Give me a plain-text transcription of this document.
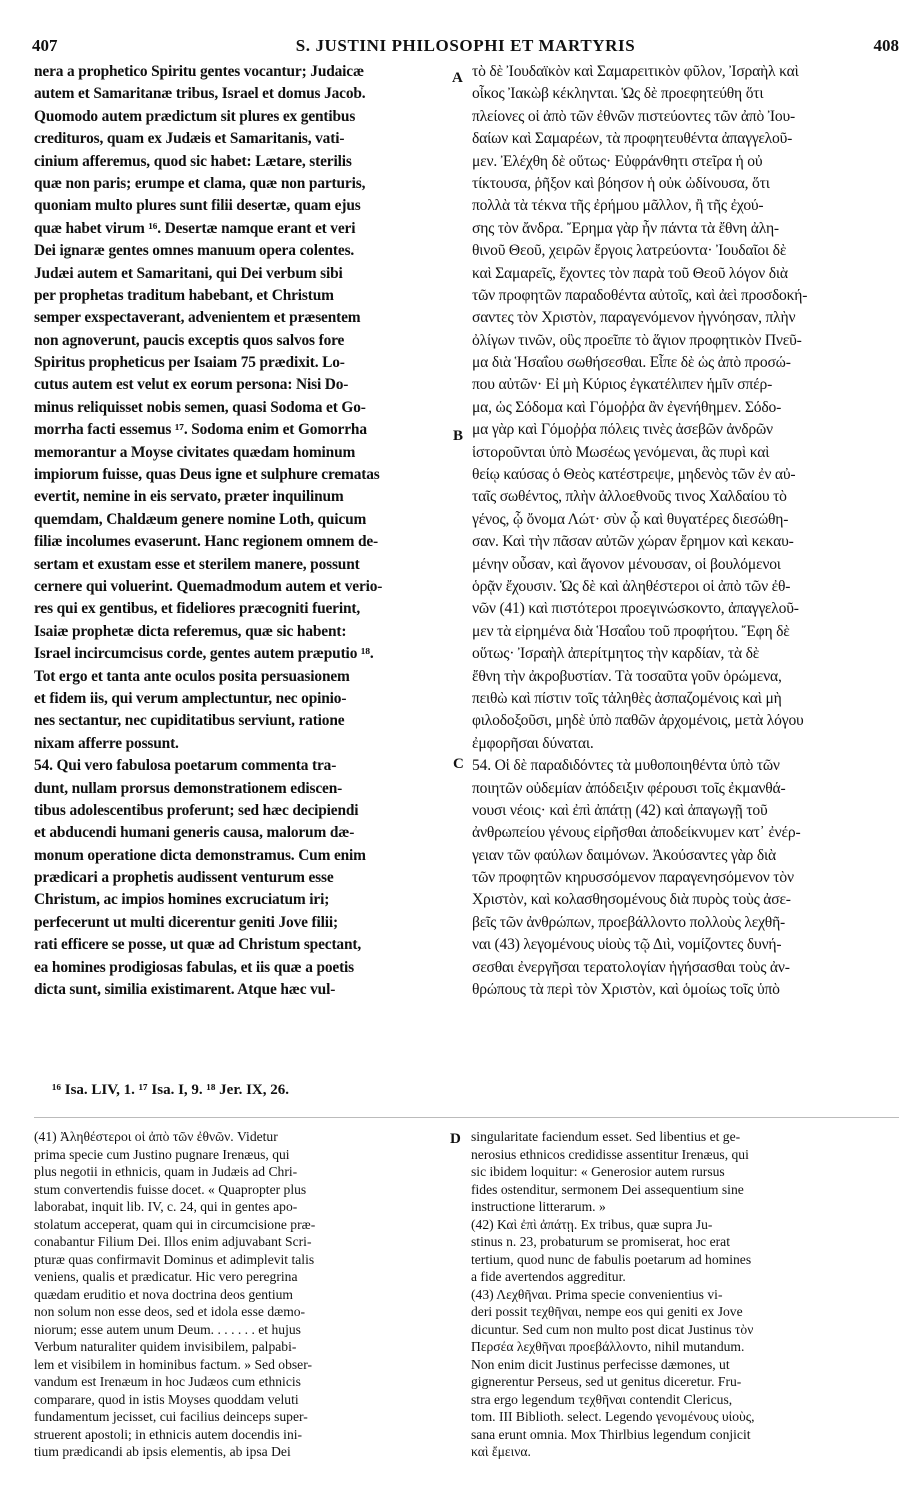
407	S. JUSTINI PHILOSOPHI ET MARTYRIS	408
A
B
C
D
nera a prophetico Spiritu gentes vocantur; Judaicæ
autem et Samaritanæ tribus, Israel et domus Jacob.
Quomodo autem prædictum sit plures ex gentibus
credituros, quam ex Judæis et Samaritanis, vati-
cinium afferemus, quod sic habet: Lætare, sterilis
quæ non paris; erumpe et clama, quæ non parturis,
quoniam multo plures sunt filii desertæ, quam ejus
quæ habet virum ¹⁶. Desertæ namque erant et veri
Dei ignaræ gentes omnes manuum opera colentes.
Judæi autem et Samaritani, qui Dei verbum sibi
per prophetas traditum habebant, et Christum
semper exspectaverant, advenientem et præsentem
non agnoverunt, paucis exceptis quos salvos fore
Spiritus propheticus per Isaiam 75 prædixit. Lo-
cutus autem est velut ex eorum persona: Nisi Do-
minus reliquisset nobis semen, quasi Sodoma et Go-
morrha facti essemus ¹⁷. Sodoma enim et Gomorrha
memorantur a Moyse civitates quædam hominum
impiorum fuisse, quas Deus igne et sulphure crematas
evertit, nemine in eis servato, præter inquilinum
quemdam, Chaldæum genere nomine Loth, quicum
filiæ incolumes evaserunt. Hanc regionem omnem de-
sertam et exustam esse et sterilem manere, possunt
cernere qui voluerint. Quemadmodum autem et verio-
res qui ex gentibus, et fideliores præcogniti fuerint,
Isaiæ prophetæ dicta referemus, quæ sic habent:
Israel incircumcisus corde, gentes autem præputio ¹⁸.
Tot ergo et tanta ante oculos posita persuasionem
et fidem iis, qui verum amplectuntur, nec opinio-
nes sectantur, nec cupiditatibus serviunt, ratione
nixam afferre possunt.
54. Qui vero fabulosa poetarum commenta tra-
dunt, nullam prorsus demonstrationem ediscen-
tibus adolescentibus proferunt; sed hæc decipiendi
et abducendi humani generis causa, malorum dæ-
monum operatione dicta demonstramus. Cum enim
prædicari a prophetis audissent venturum esse
Christum, ac impios homines excruciatum iri;
perfecerunt ut multi dicerentur geniti Jove filii;
rati efficere se posse, ut quæ ad Christum spectant,
ea homines prodigiosas fabulas, et iis quæ a poetis
dicta sunt, similia existimarent. Atque hæc vul-
τὸ δὲ Ἰουδαϊκὸν καὶ Σαμαρειτικὸν φῦλον, Ἰσραὴλ καὶ
οἶκος Ἰακὼβ κέκληνται. Ὡς δὲ προεφητεύθη ὅτι
πλείονες οἱ ἀπὸ τῶν ἐθνῶν πιστεύοντες τῶν ἀπὸ Ἰου-
δαίων καὶ Σαμαρέων, τὰ προφητευθέντα ἀπαγγελοῦ-
μεν. Ἐλέχθη δὲ οὕτως· Εὐφράνθητι στεῖρα ἡ οὐ
τίκτουσα, ῥῆξον καὶ βόησον ἡ οὐκ ὠδίνουσα, ὅτι
πολλὰ τὰ τέκνα τῆς ἐρήμου μᾶλλον, ἢ τῆς ἐχού-
σης τὸν ἄνδρα. Ἔρημα γὰρ ἦν πάντα τὰ ἔθνη ἀλη-
θινοῦ Θεοῦ, χειρῶν ἔργοις λατρεύοντα· Ἰουδαῖοι δὲ
καὶ Σαμαρεῖς, ἔχοντες τὸν παρὰ τοῦ Θεοῦ λόγον διὰ
τῶν προφητῶν παραδοθέντα αὐτοῖς, καὶ ἀεὶ προσδοκή-
σαντες τὸν Χριστὸν, παραγενόμενον ἠγνόησαν, πλὴν
ὀλίγων τινῶν, οὓς προεῖπε τὸ ἅγιον προφητικὸν Πνεῦ-
μα διὰ Ἡσαΐου σωθήσεσθαι. Εἶπε δὲ ὡς ἀπὸ προσώ-
που αὐτῶν· Εἰ μὴ Κύριος ἐγκατέλιπεν ἡμῖν σπέρ-
μα, ὡς Σόδομα καὶ Γόμοῤῥα ἂν ἐγενήθημεν. Σόδο-
μα γὰρ καὶ Γόμοῤῥα πόλεις τινὲς ἀσεβῶν ἀνδρῶν
ἱστοροῦνται ὑπὸ Μωσέως γενόμεναι, ἃς πυρὶ καὶ
θείῳ καύσας ὁ Θεὸς κατέστρεψε, μηδενὸς τῶν ἐν αὐ-
ταῖς σωθέντος, πλὴν ἀλλοεθνοῦς τινος Χαλδαίου τὸ
γένος, ᾧ ὄνομα Λώτ· σὺν ᾧ καὶ θυγατέρες διεσώθη-
σαν. Καὶ τὴν πᾶσαν αὐτῶν χώραν ἔρημον καὶ κεκαυ-
μένην οὖσαν, καὶ ἄγονον μένουσαν, οἱ βουλόμενοι
ὁρᾷν ἔχουσιν. Ὡς δὲ καὶ ἀληθέστεροι οἱ ἀπὸ τῶν ἐθ-
νῶν (41) καὶ πιστότεροι προεγινώσκοντο, ἀπαγγελοῦ-
μεν τὰ εἰρημένα διὰ Ἡσαΐου τοῦ προφήτου. Ἔφη δὲ
οὕτως· Ἰσραὴλ ἀπερίτμητος τὴν καρδίαν, τὰ δὲ
ἔθνη τὴν ἀκροβυστίαν. Τὰ τοσαῦτα γοῦν ὁρώμενα,
πειθὼ καὶ πίστιν τοῖς τἀληθὲς ἀσπαζομένοις καὶ μὴ
φιλοδοξοῦσι, μηδὲ ὑπὸ παθῶν ἀρχομένοις, μετὰ λόγου
ἐμφορῆσαι δύναται.
54. Οἱ δὲ παραδιδόντες τὰ μυθοποιηθέντα ὑπὸ τῶν
ποιητῶν οὐδεμίαν ἀπόδειξιν φέρουσι τοῖς ἐκμανθά-
νουσι νέοις· καὶ ἐπὶ ἀπάτῃ (42) καὶ ἀπαγωγῇ τοῦ
ἀνθρωπείου γένους εἰρῆσθαι ἀποδείκνυμεν κατ᾽ ἐνέρ-
γειαν τῶν φαύλων δαιμόνων. Ἀκούσαντες γὰρ διὰ
τῶν προφητῶν κηρυσσόμενον παραγενησόμενον τὸν
Χριστὸν, καὶ κολασθησομένους διὰ πυρὸς τοὺς ἀσε-
βεῖς τῶν ἀνθρώπων, προεβάλλοντο πολλοὺς λεχθῆ-
ναι (43) λεγομένους υἱοὺς τῷ Διὶ, νομίζοντες δυνή-
σεσθαι ἐνεργῆσαι τερατολογίαν ἡγήσασθαι τοὺς ἀν-
θρώπους τὰ περὶ τὸν Χριστὸν, καὶ ὁμοίως τοῖς ὑπὸ
¹⁶ Isa. LIV, 1. ¹⁷ Isa. I, 9. ¹⁸ Jer. IX, 26.
(41) Ἀληθέστεροι οἱ ἀπὸ τῶν ἐθνῶν. Videtur
prima specie cum Justino pugnare Irenæus, qui
plus negotii in ethnicis, quam in Judæis ad Chri-
stum convertendis fuisse docet. « Quapropter plus
laborabat, inquit lib. IV, c. 24, qui in gentes apo-
stolatum acceperat, quam qui in circumcisione præ-
conabantur Filium Dei. Illos enim adjuvabant Scri-
pturæ quas confirmavit Dominus et adimplevit talis
veniens, qualis et prædicatur. Hic vero peregrina
quædam eruditio et nova doctrina deos gentium
non solum non esse deos, sed et idola esse dæmo-
niorum; esse autem unum Deum. . . . . . . et hujus
Verbum naturaliter quidem invisibilem, palpabi-
lem et visibilem in hominibus factum. » Sed obser-
vandum est Irenæum in hoc Judæos cum ethnicis
comparare, quod in istis Moyses quoddam veluti
fundamentum jecisset, cui facilius deinceps super-
struerent apostoli; in ethnicis autem docendis ini-
tium prædicandi ab ipsis elementis, ab ipsa Dei
singularitate faciendum esset. Sed libentius et ge-
nerosius ethnicos credidisse assentitur Irenæus, qui
sic ibidem loquitur: « Generosior autem rursus
fides ostenditur, sermonem Dei assequentium sine
instructione litterarum. »
(42) Καὶ ἐπὶ ἀπάτῃ. Ex tribus, quæ supra Ju-
stinus n. 23, probaturum se promiserat, hoc erat
tertium, quod nunc de fabulis poetarum ad homines
a fide avertendos aggreditur.
(43) Λεχθῆναι. Prima specie convenientius vi-
deri possit τεχθῆναι, nempe eos qui geniti ex Jove
dicuntur. Sed cum non multo post dicat Justinus τὸν
Περσέα λεχθῆναι προεβάλλοντο, nihil mutandum.
Non enim dicit Justinus perfecisse dæmones, ut
gignerentur Perseus, sed ut genitus diceretur. Fru-
stra ergo legendum τεχθῆναι contendit Clericus,
tom. III Biblioth. select. Legendo γενομένους υἱοὺς,
sana erunt omnia. Mox Thirlbius legendum conjicit
καὶ ἔμεινα.
